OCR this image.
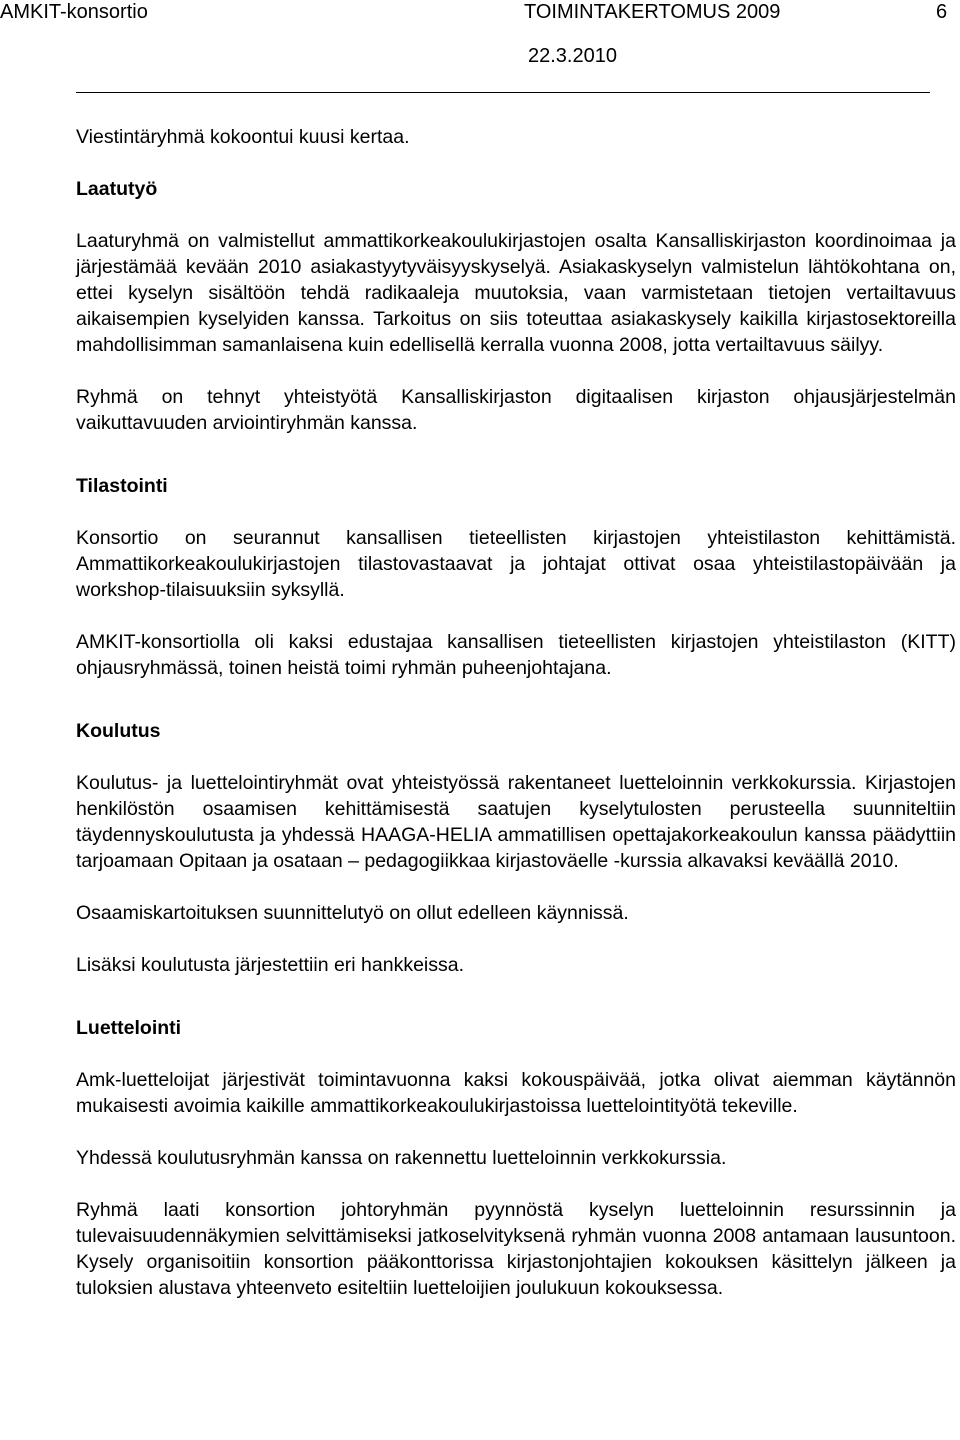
AMKIT-konsortio	TOIMINTAKERTOMUS 2009	6
22.3.2010

Viestintäryhmä kokoontui kuusi kertaa.

Laatutyö

Laaturyhmä on valmistellut ammattikorkeakoulukirjastojen osalta Kansalliskirjaston koordinoimaa ja järjestämää kevään 2010 asiakastyytyväisyyskyselyä. Asiakaskyselyn valmistelun lähtökohtana on, ettei kyselyn sisältöön tehdä radikaaleja muutoksia, vaan varmistetaan tietojen vertailtavuus aikaisempien kyselyiden kanssa. Tarkoitus on siis toteuttaa asiakaskysely kaikilla kirjastosektoreilla mahdollisimman samanlaisena kuin edellisellä kerralla vuonna 2008, jotta vertailtavuus säilyy.

Ryhmä on tehnyt yhteistyötä Kansalliskirjaston digitaalisen kirjaston ohjausjärjestelmän vaikuttavuuden arviointiryhmän kanssa.

Tilastointi

Konsortio on seurannut kansallisen tieteellisten kirjastojen yhteistilaston kehittämistä. Ammattikorkeakoulukirjastojen tilastovastaavat ja johtajat ottivat osaa yhteistilastopäivään ja workshop-tilaisuuksiin syksyllä.

AMKIT-konsortiolla oli kaksi edustajaa kansallisen tieteellisten kirjastojen yhteistilaston (KITT) ohjausryhmässä, toinen heistä toimi ryhmän puheenjohtajana.

Koulutus

Koulutus- ja luettelointiryhmät ovat yhteistyössä rakentaneet luetteloinnin verkkokurssia. Kirjastojen henkilöstön osaamisen kehittämisestä saatujen kyselytulosten perusteella suunniteltiin täydennyskoulutusta ja yhdessä HAAGA-HELIA ammatillisen opettajakorkeakoulun kanssa päädyttiin tarjoamaan Opitaan ja osataan – pedagogiikkaa kirjastoväelle -kurssia alkavaksi keväällä 2010.

Osaamiskartoituksen suunnittelutyö on ollut edelleen käynnissä.

Lisäksi koulutusta järjestettiin eri hankkeissa.

Luettelointi

Amk-luetteloijat järjestivät toimintavuonna kaksi kokouspäivää, jotka olivat aiemman käytännön mukaisesti avoimia kaikille ammattikorkeakoulukirjastoissa luettelointityötä tekeville.

Yhdessä koulutusryhmän kanssa on rakennettu luetteloinnin verkkokurssia.

Ryhmä laati konsortion johtoryhmän pyynnöstä kyselyn luetteloinnin resurssinnin ja tulevaisuudennäkymien selvittämiseksi jatkoselvityksenä ryhmän vuonna 2008 antamaan lausuntoon. Kysely organisoitiin konsortion pääkonttorissa kirjastonjohtajien kokouksen käsittelyn jälkeen ja tuloksien alustava yhteenveto esiteltiin luetteloijien joulukuun kokouksessa.
